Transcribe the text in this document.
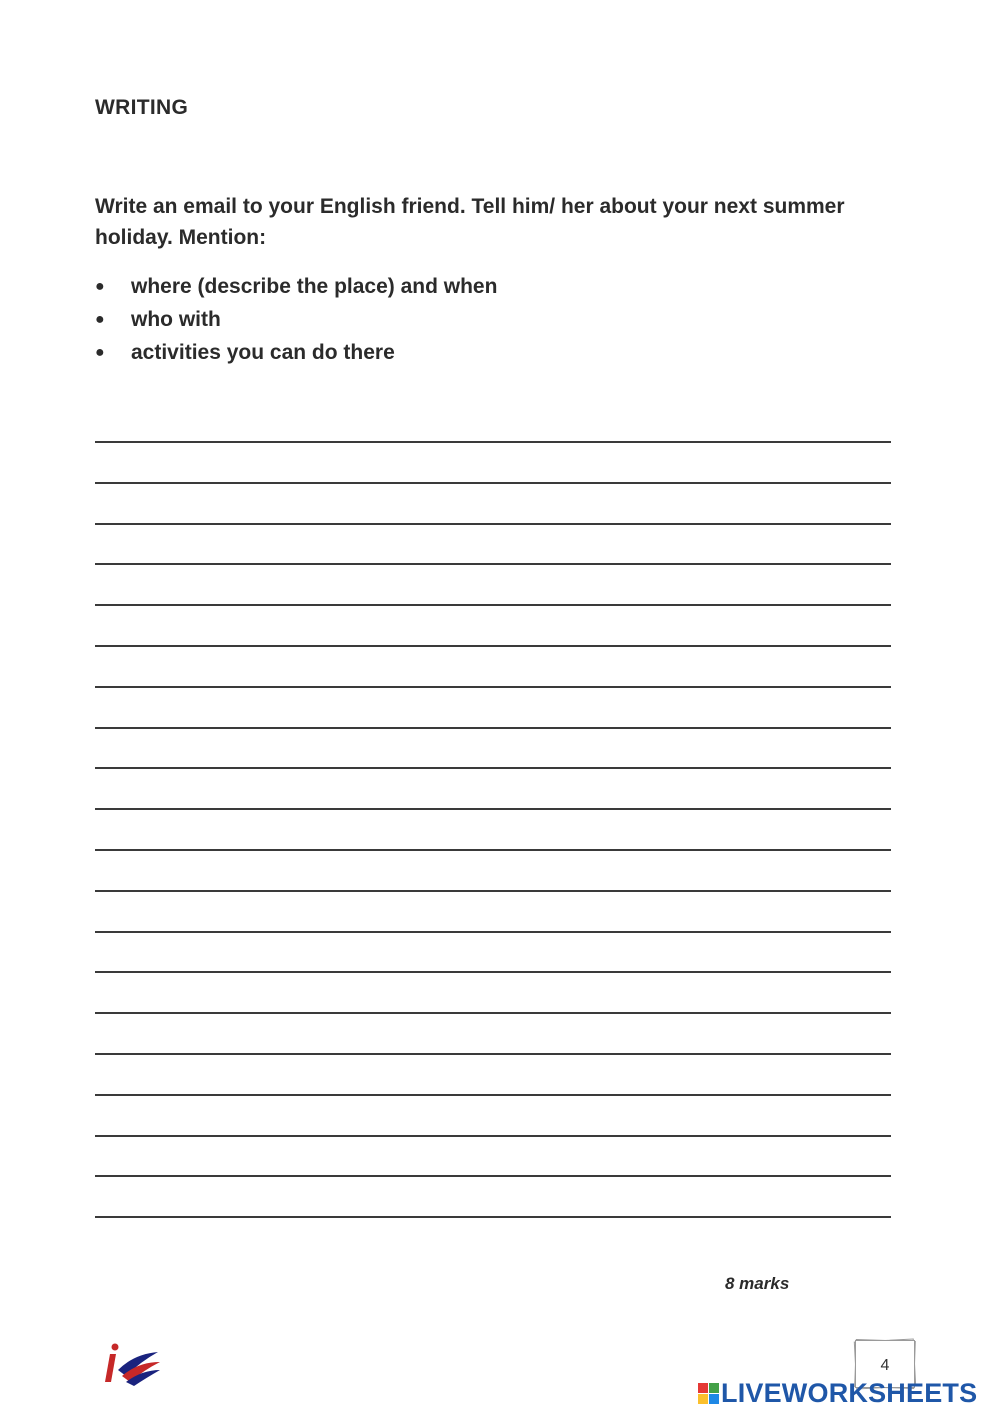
WRITING

Write an email to your English friend. Tell him/ her about your next summer holiday. Mention:

●	where (describe the place) and when
●	who with
●	activities you can do there
8 marks
4
LIVEWORKSHEETS
